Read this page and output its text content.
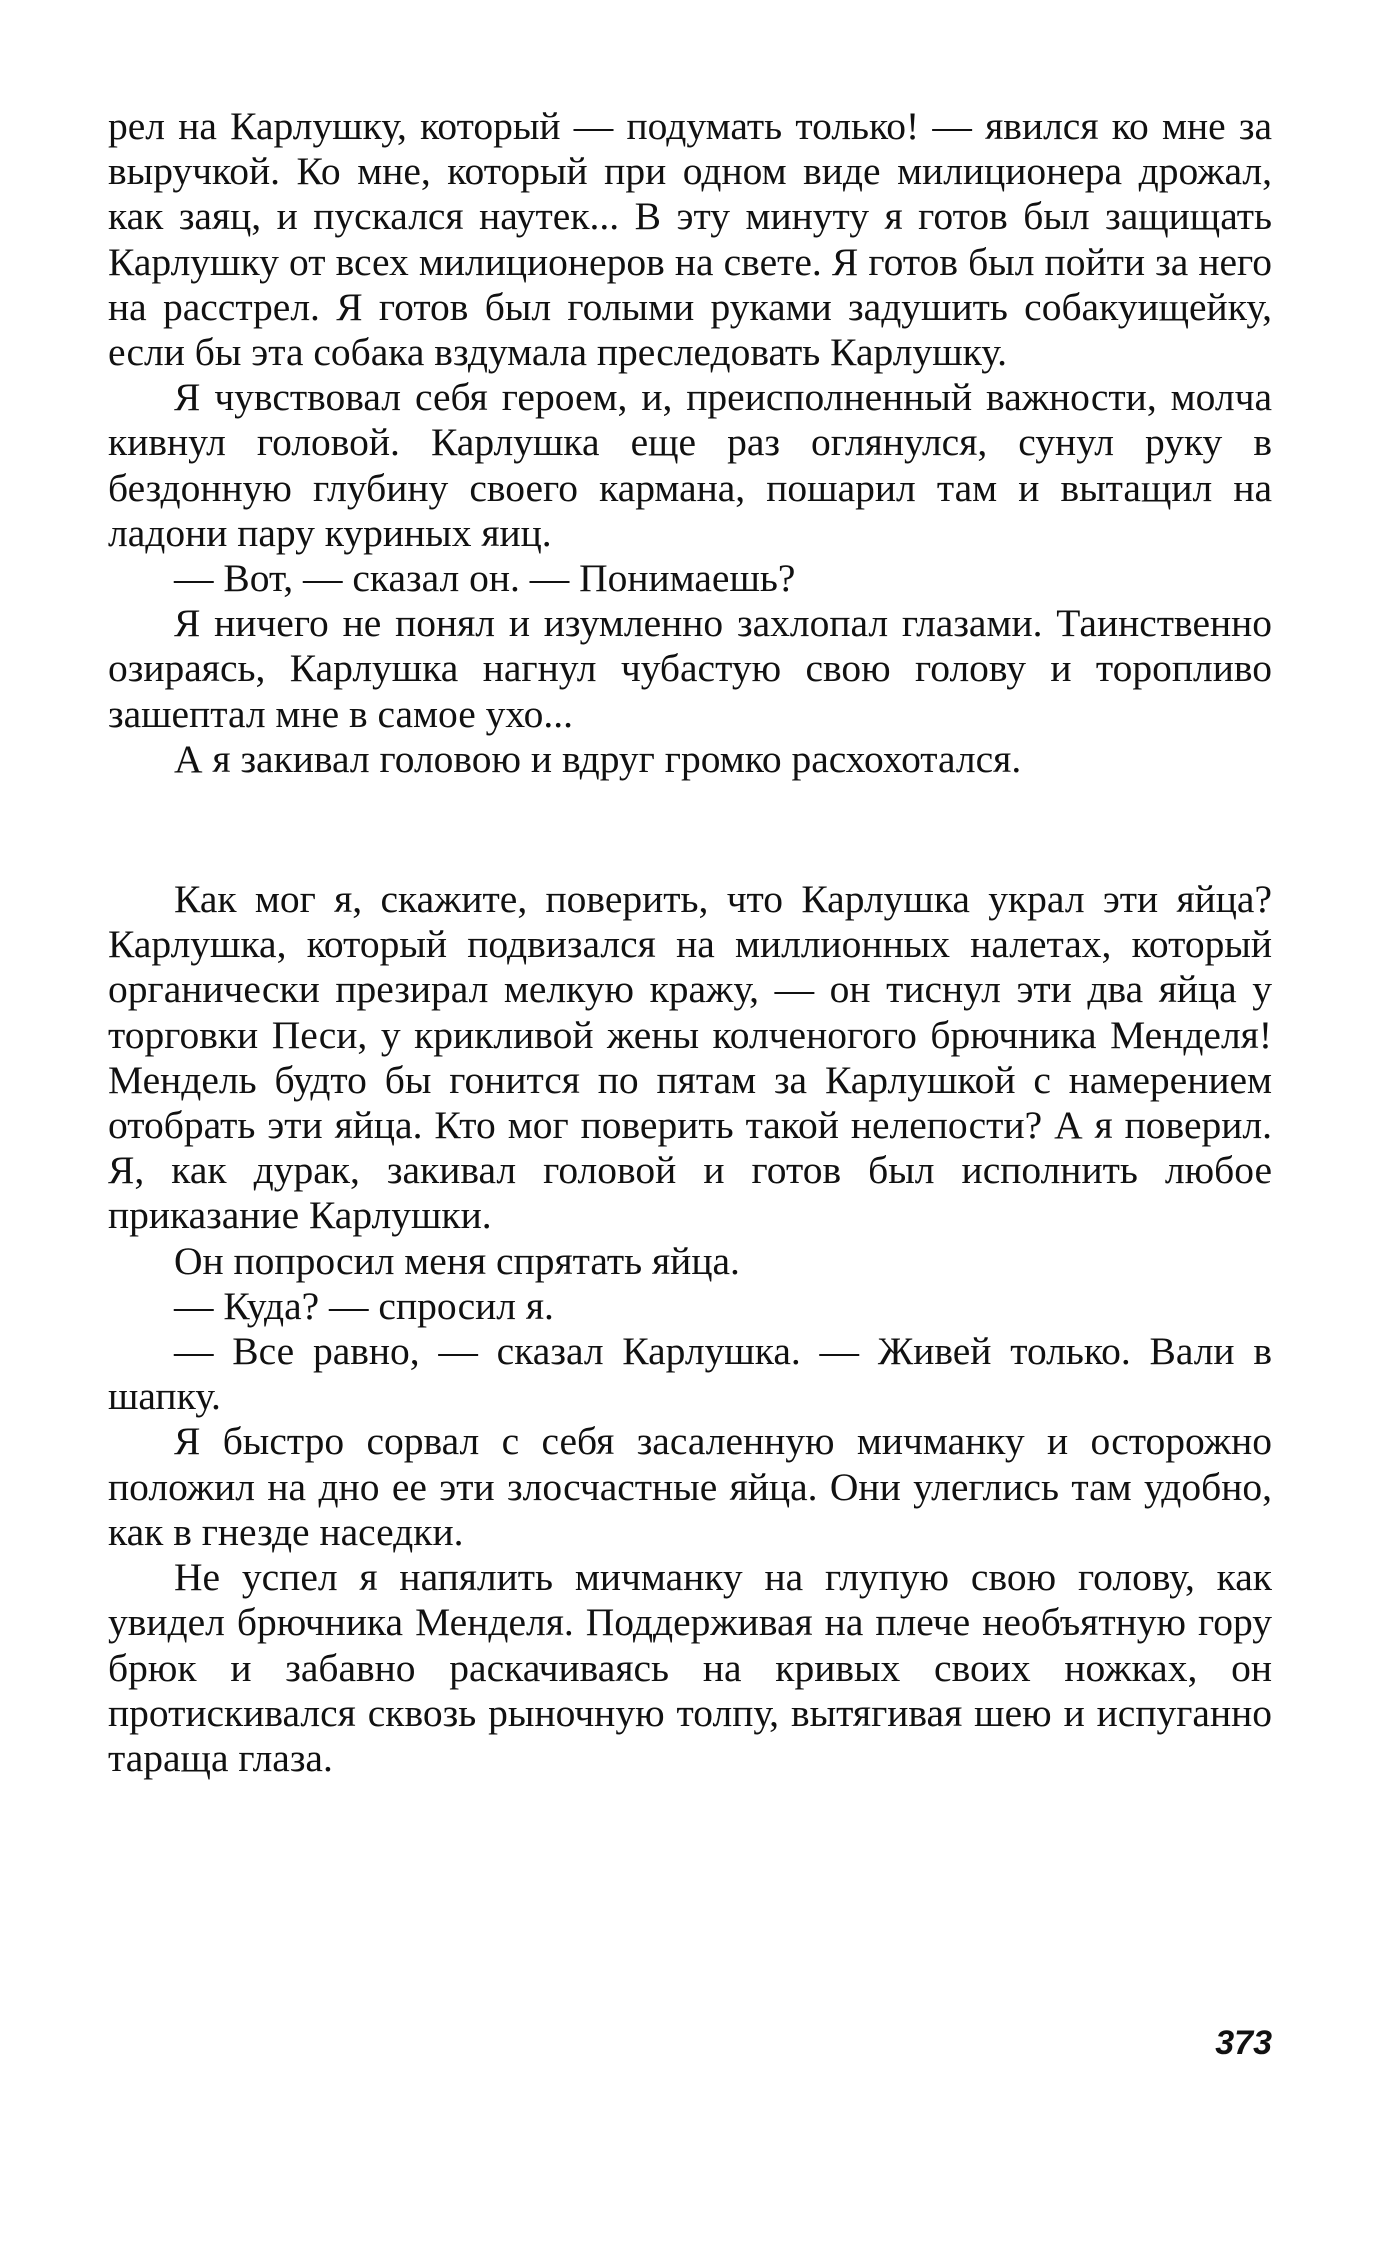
рел на Карлушку, который — подумать только! — явился ко мне за выручкой. Ко мне, который при одном виде милиционера дрожал, как заяц, и пускался наутек... В эту минуту я готов был защищать Карлушку от всех милиционеров на свете. Я готов был пойти за него на расстрел. Я готов был голыми руками задушить собакуищейку, если бы эта собака вздумала преследовать Карлушку.

Я чувствовал себя героем, и, преисполненный важности, молча кивнул головой. Карлушка еще раз оглянулся, сунул руку в бездонную глубину своего кармана, пошарил там и вытащил на ладони пару куриных яиц.

— Вот, — сказал он. — Понимаешь?

Я ничего не понял и изумленно захлопал глазами. Таинственно озираясь, Карлушка нагнул чубастую свою голову и торопливо зашептал мне в самое ухо...

А я закивал головою и вдруг громко расхохотался.

Как мог я, скажите, поверить, что Карлушка украл эти яйца? Карлушка, который подвизался на миллионных налетах, который органически презирал мелкую кражу, — он тиснул эти два яйца у торговки Песи, у крикливой жены колченогого брючника Менделя! Мендель будто бы гонится по пятам за Карлушкой с намерением отобрать эти яйца. Кто мог поверить такой нелепости? А я поверил. Я, как дурак, закивал головой и готов был исполнить любое приказание Карлушки.

Он попросил меня спрятать яйца.

— Куда? — спросил я.

— Все равно, — сказал Карлушка. — Живей только. Вали в шапку.

Я быстро сорвал с себя засаленную мичманку и осторожно положил на дно ее эти злосчастные яйца. Они улеглись там удобно, как в гнезде наседки.

Не успел я напялить мичманку на глупую свою голову, как увидел брючника Менделя. Поддерживая на плече необъятную гору брюк и забавно раскачиваясь на кривых своих ножках, он протискивался сквозь рыночную толпу, вытягивая шею и испуганно тараща глаза.

373
